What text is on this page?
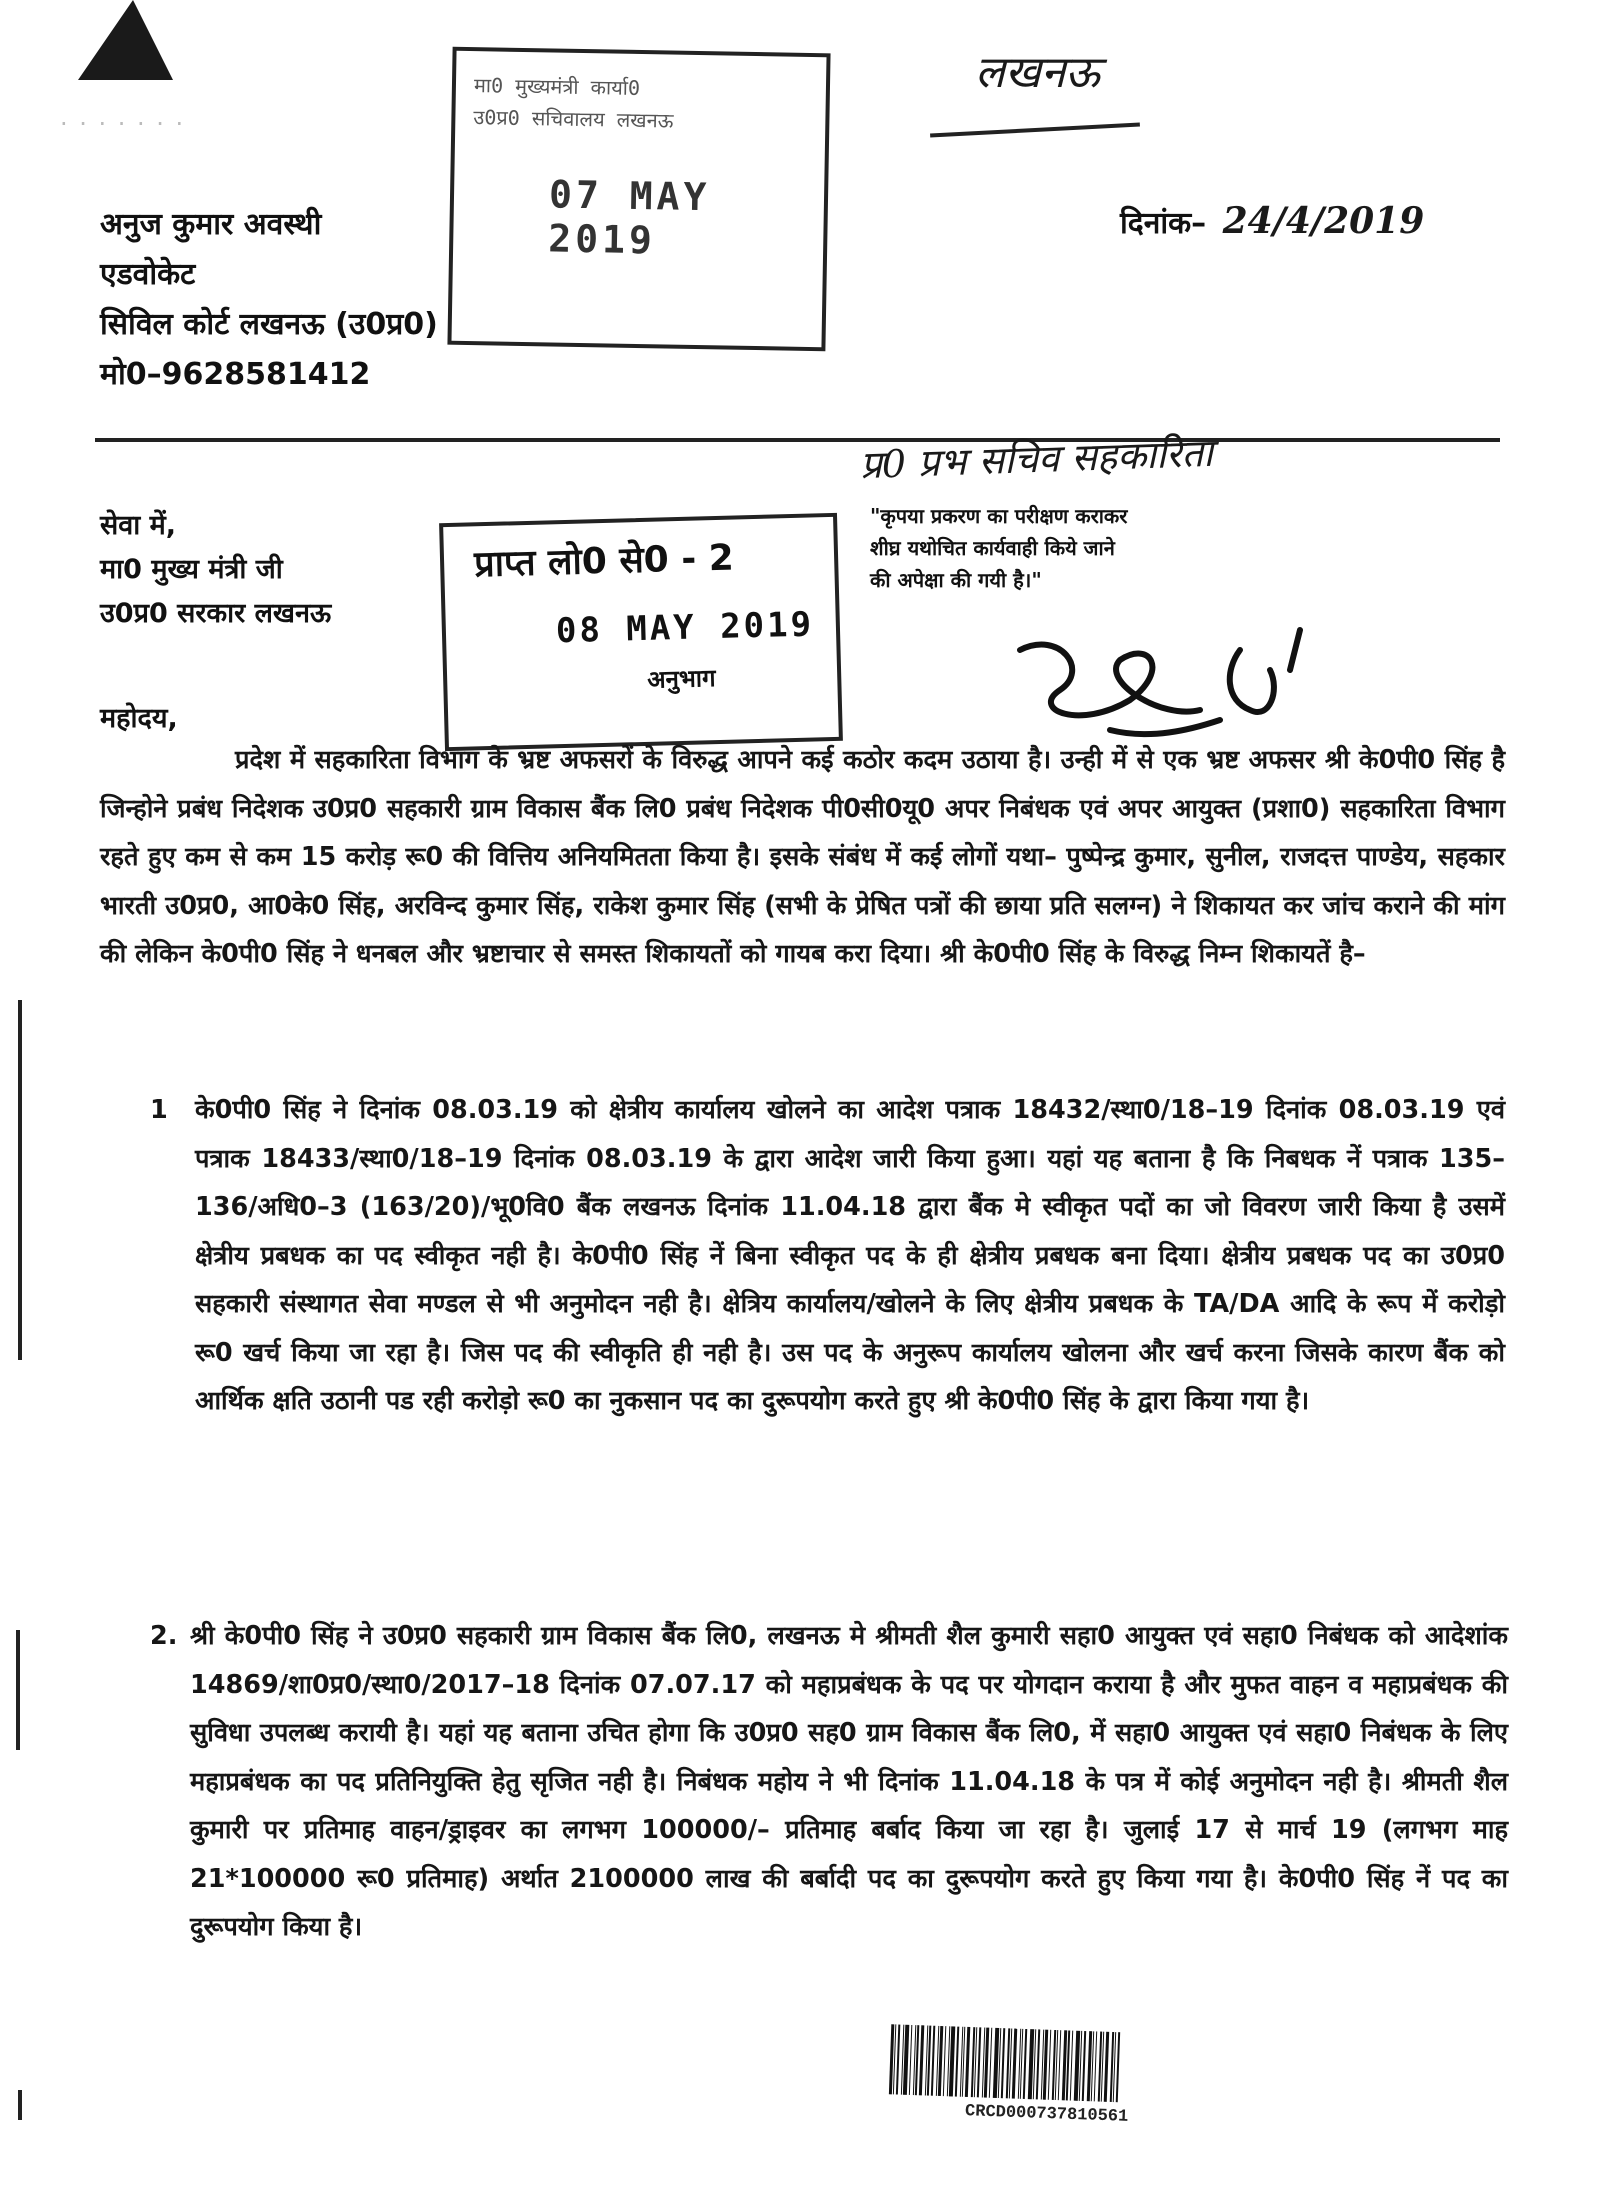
· · · · · · ·
लखनऊ
अनुज कुमार अवस्थी
एडवोकेट
सिविल कोर्ट लखनऊ (उ0प्र0)
मो0–9628581412
मा0 मुख्यमंत्री कार्या0
उ0प्र0 सचिवालय लखनऊ
07 MAY 2019	दिनांक– 24/4/2019
प्र0 प्रभ सचिव सहकारिता
सेवा में,
मा0 मुख्य मंत्री जी
उ0प्र0 सरकार लखनऊ
प्राप्त लो0 से0 - 2
08 MAY 2019
अनुभाग
"कृपया प्रकरण का परीक्षण कराकर
शीघ्र यथोचित कार्यवाही किये जाने
की अपेक्षा की गयी है।"
महोदय,
प्रदेश में सहकारिता विभाग के भ्रष्ट अफसरों के विरुद्ध आपने कई कठोर कदम उठाया है। उन्ही में से एक भ्रष्ट अफसर श्री के0पी0 सिंह है जिन्होने प्रबंध निदेशक उ0प्र0 सहकारी ग्राम विकास बैंक लि0 प्रबंध निदेशक पी0सी0यू0 अपर निबंधक एवं अपर आयुक्त (प्रशा0) सहकारिता विभाग रहते हुए कम से कम 15 करोड़ रू0 की वित्तिय अनियमितता किया है। इसके संबंध में कई लोगों यथा– पुष्पेन्द्र कुमार, सुनील, राजदत्त पाण्डेय, सहकार भारती उ0प्र0, आ0के0 सिंह, अरविन्द कुमार सिंह, राकेश कुमार सिंह (सभी के प्रेषित पत्रों की छाया प्रति सलग्न) ने शिकायत कर जांच कराने की मांग की लेकिन के0पी0 सिंह ने धनबल और भ्रष्टाचार से समस्त शिकायतों को गायब करा दिया। श्री के0पी0 सिंह के विरुद्ध निम्न शिकायतें है–
1 के0पी0 सिंह ने दिनांक 08.03.19 को क्षेत्रीय कार्यालय खोलने का आदेश पत्राक 18432/स्था0/18–19 दिनांक 08.03.19 एवं पत्राक 18433/स्था0/18–19 दिनांक 08.03.19 के द्वारा आदेश जारी किया हुआ। यहां यह बताना है कि निबधक नें पत्राक 135–136/अधि0–3 (163/20)/भू0वि0 बैंक लखनऊ दिनांक 11.04.18 द्वारा बैंक मे स्वीकृत पदों का जो विवरण जारी किया है उसमें क्षेत्रीय प्रबधक का पद स्वीकृत नही है। के0पी0 सिंह नें बिना स्वीकृत पद के ही क्षेत्रीय प्रबधक बना दिया। क्षेत्रीय प्रबधक पद का उ0प्र0 सहकारी संस्थागत सेवा मण्डल से भी अनुमोदन नही है। क्षेत्रिय कार्यालय/खोलने के लिए क्षेत्रीय प्रबधक के TA/DA आदि के रूप में करोड़ो रू0 खर्च किया जा रहा है। जिस पद की स्वीकृति ही नही है। उस पद के अनुरूप कार्यालय खोलना और खर्च करना जिसके कारण बैंक को आर्थिक क्षति उठानी पड रही करोड़ो रू0 का नुकसान पद का दुरूपयोग करते हुए श्री के0पी0 सिंह के द्वारा किया गया है।
2. श्री के0पी0 सिंह ने उ0प्र0 सहकारी ग्राम विकास बैंक लि0, लखनऊ मे श्रीमती शैल कुमारी सहा0 आयुक्त एवं सहा0 निबंधक को आदेशांक 14869/शा0प्र0/स्था0/2017–18 दिनांक 07.07.17 को महाप्रबंधक के पद पर योगदान कराया है और मुफत वाहन व महाप्रबंधक की सुविधा उपलब्ध करायी है। यहां यह बताना उचित होगा कि उ0प्र0 सह0 ग्राम विकास बैंक लि0, में सहा0 आयुक्त एवं सहा0 निबंधक के लिए महाप्रबंधक का पद प्रतिनियुक्ति हेतु सृजित नही है। निबंधक महोय ने भी दिनांक 11.04.18 के पत्र में कोई अनुमोदन नही है। श्रीमती शैल कुमारी पर प्रतिमाह वाहन/ड्राइवर का लगभग 100000/– प्रतिमाह बर्बाद किया जा रहा है। जुलाई 17 से मार्च 19 (लगभग माह 21*100000 रू0 प्रतिमाह) अर्थात 2100000 लाख की बर्बादी पद का दुरूपयोग करते हुए किया गया है। के0पी0 सिंह नें पद का दुरूपयोग किया है।
CRCD000737810561
